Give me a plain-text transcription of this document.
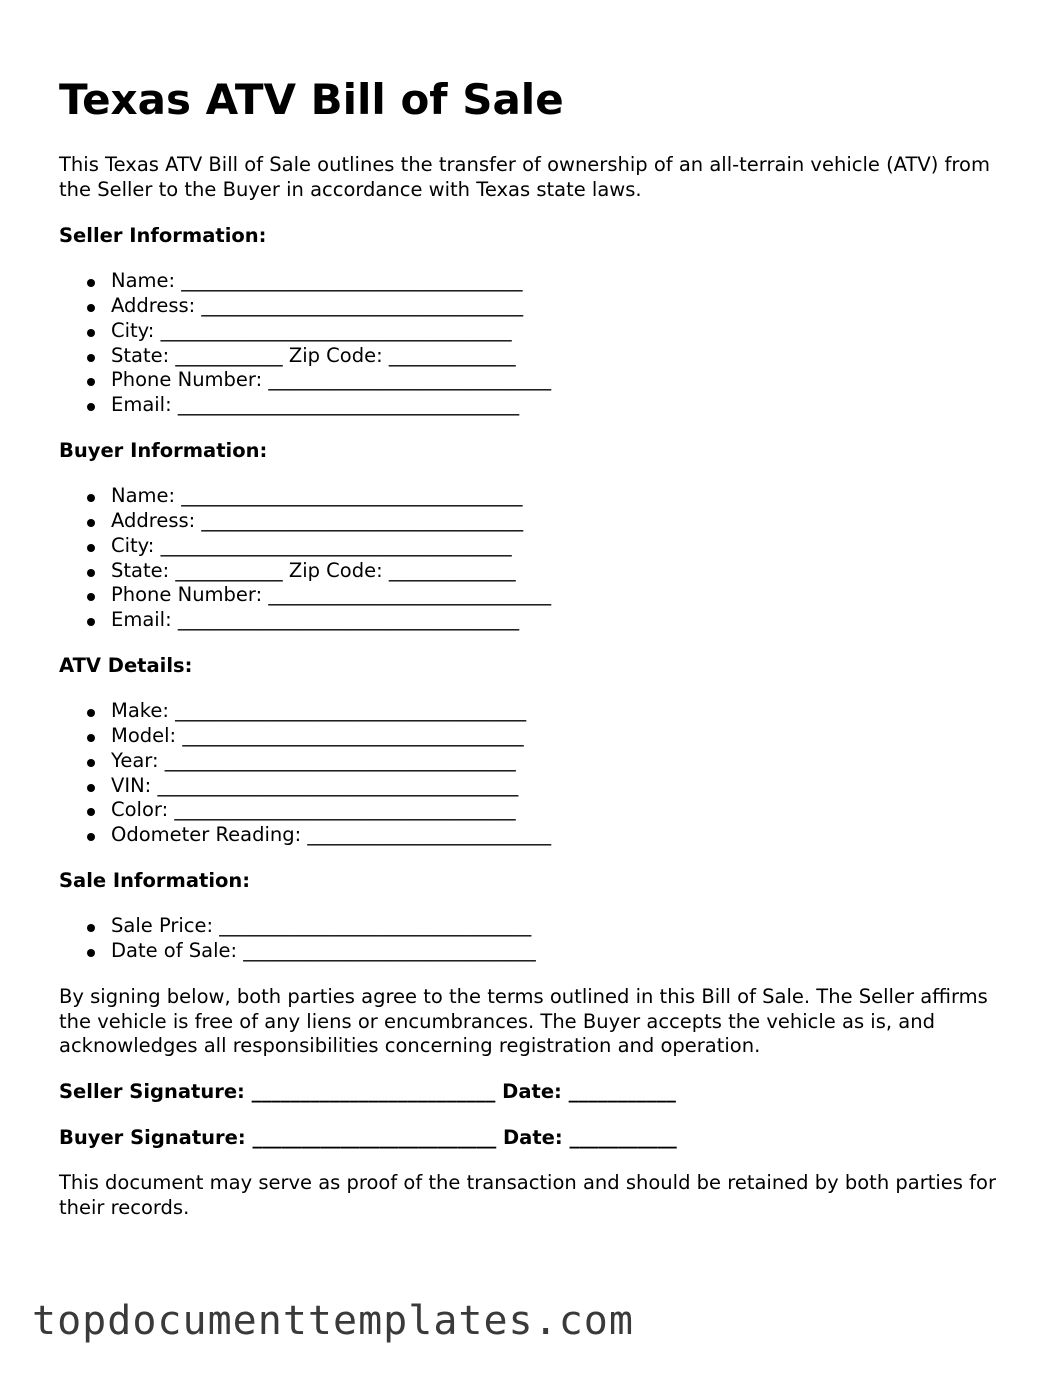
Texas ATV Bill of Sale

This Texas ATV Bill of Sale outlines the transfer of ownership of an all-terrain vehicle (ATV) from the Seller to the Buyer in accordance with Texas state laws.

Seller Information:

Name: ___________________________________
Address: _________________________________
City: ____________________________________
State: ___________ Zip Code: _____________
Phone Number: _____________________________
Email: ___________________________________

Buyer Information:

Name: ___________________________________
Address: _________________________________
City: ____________________________________
State: ___________ Zip Code: _____________
Phone Number: _____________________________
Email: ___________________________________

ATV Details:

Make: ____________________________________
Model: ___________________________________
Year: ____________________________________
VIN: _____________________________________
Color: ___________________________________
Odometer Reading: _________________________

Sale Information:

Sale Price: ________________________________
Date of Sale: ______________________________

By signing below, both parties agree to the terms outlined in this Bill of Sale. The Seller affirms the vehicle is free of any liens or encumbrances. The Buyer accepts the vehicle as is, and acknowledges all responsibilities concerning registration and operation.

Seller Signature: _________________________ Date: ___________

Buyer Signature: _________________________ Date: ___________

This document may serve as proof of the transaction and should be retained by both parties for their records.

topdocumenttemplates.com
